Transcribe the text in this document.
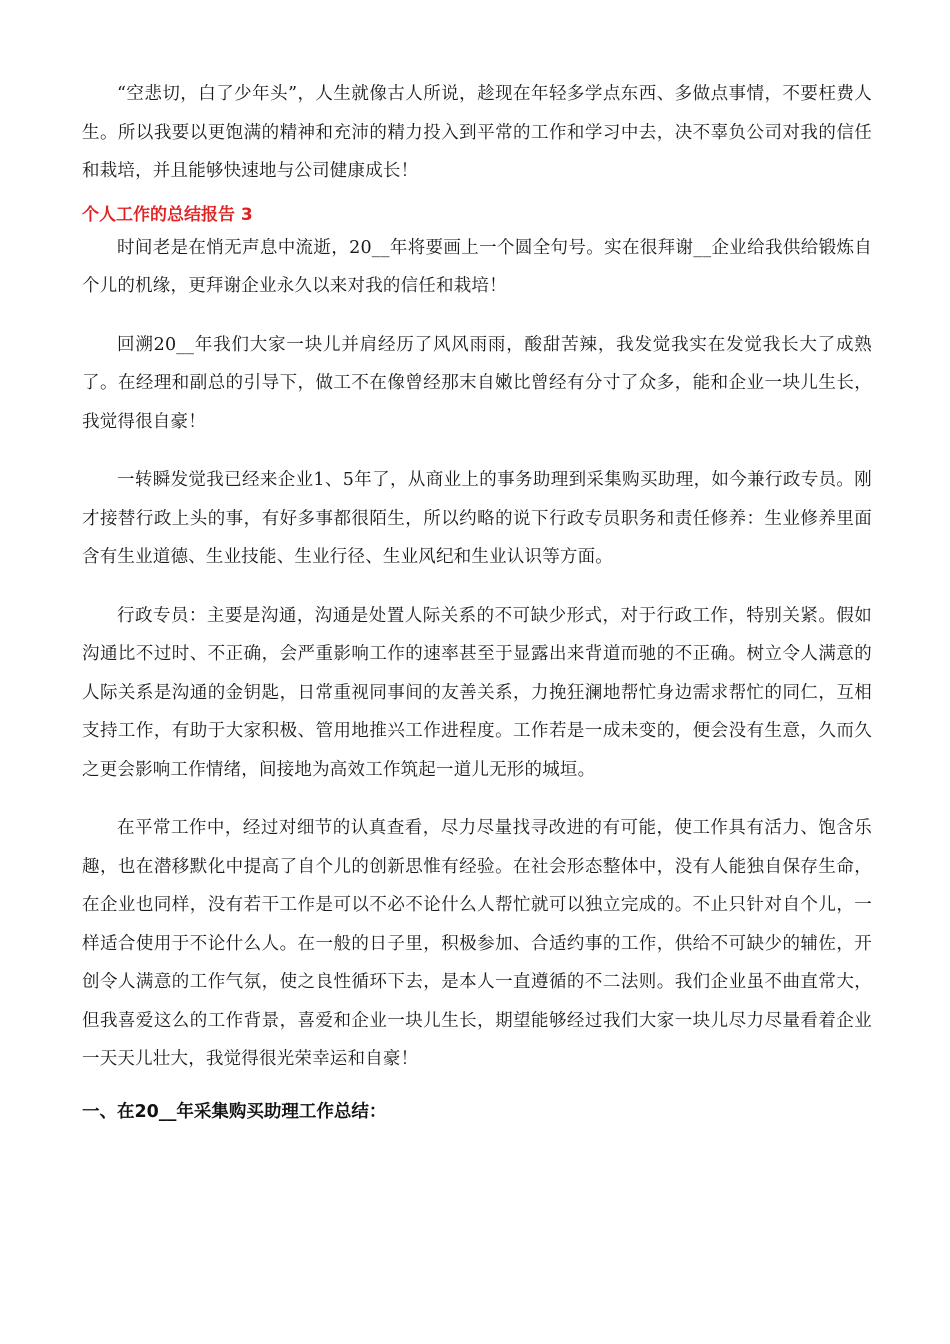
“空悲切，白了少年头”，人生就像古人所说，趁现在年轻多学点东西、多做点事情，不要枉费人生。所以我要以更饱满的精神和充沛的精力投入到平常的工作和学习中去，决不辜负公司对我的信任和栽培，并且能够快速地与公司健康成长！

个人工作的总结报告 3

时间老是在悄无声息中流逝，20__年将要画上一个圆全句号。实在很拜谢__企业给我供给锻炼自个儿的机缘，更拜谢企业永久以来对我的信任和栽培！

回溯20__年我们大家一块儿并肩经历了风风雨雨，酸甜苦辣，我发觉我实在发觉我长大了成熟了。在经理和副总的引导下，做工不在像曾经那末自嫩比曾经有分寸了众多，能和企业一块儿生长，我觉得很自豪！

一转瞬发觉我已经来企业1、5年了，从商业上的事务助理到采集购买助理，如今兼行政专员。刚才接替行政上头的事，有好多事都很陌生，所以约略的说下行政专员职务和责任修养：生业修养里面含有生业道德、生业技能、生业行径、生业风纪和生业认识等方面。

行政专员：主要是沟通，沟通是处置人际关系的不可缺少形式，对于行政工作，特别关紧。假如沟通比不过时、不正确，会严重影响工作的速率甚至于显露出来背道而驰的不正确。树立令人满意的人际关系是沟通的金钥匙，日常重视同事间的友善关系，力挽狂澜地帮忙身边需求帮忙的同仁，互相支持工作，有助于大家积极、管用地推兴工作进程度。工作若是一成未变的，便会没有生意，久而久之更会影响工作情绪，间接地为高效工作筑起一道儿无形的城垣。

在平常工作中，经过对细节的认真查看，尽力尽量找寻改进的有可能，使工作具有活力、饱含乐趣，也在潜移默化中提高了自个儿的创新思惟有经验。在社会形态整体中，没有人能独自保存生命，在企业也同样，没有若干工作是可以不必不论什么人帮忙就可以独立完成的。不止只针对自个儿，一样适合使用于不论什么人。在一般的日子里，积极参加、合适约事的工作，供给不可缺少的辅佐，开创令人满意的工作气氛，使之良性循环下去，是本人一直遵循的不二法则。我们企业虽不曲直常大，但我喜爱这么的工作背景，喜爱和企业一块儿生长，期望能够经过我们大家一块儿尽力尽量看着企业一天天儿壮大，我觉得很光荣幸运和自豪！

一、在20__年采集购买助理工作总结：
